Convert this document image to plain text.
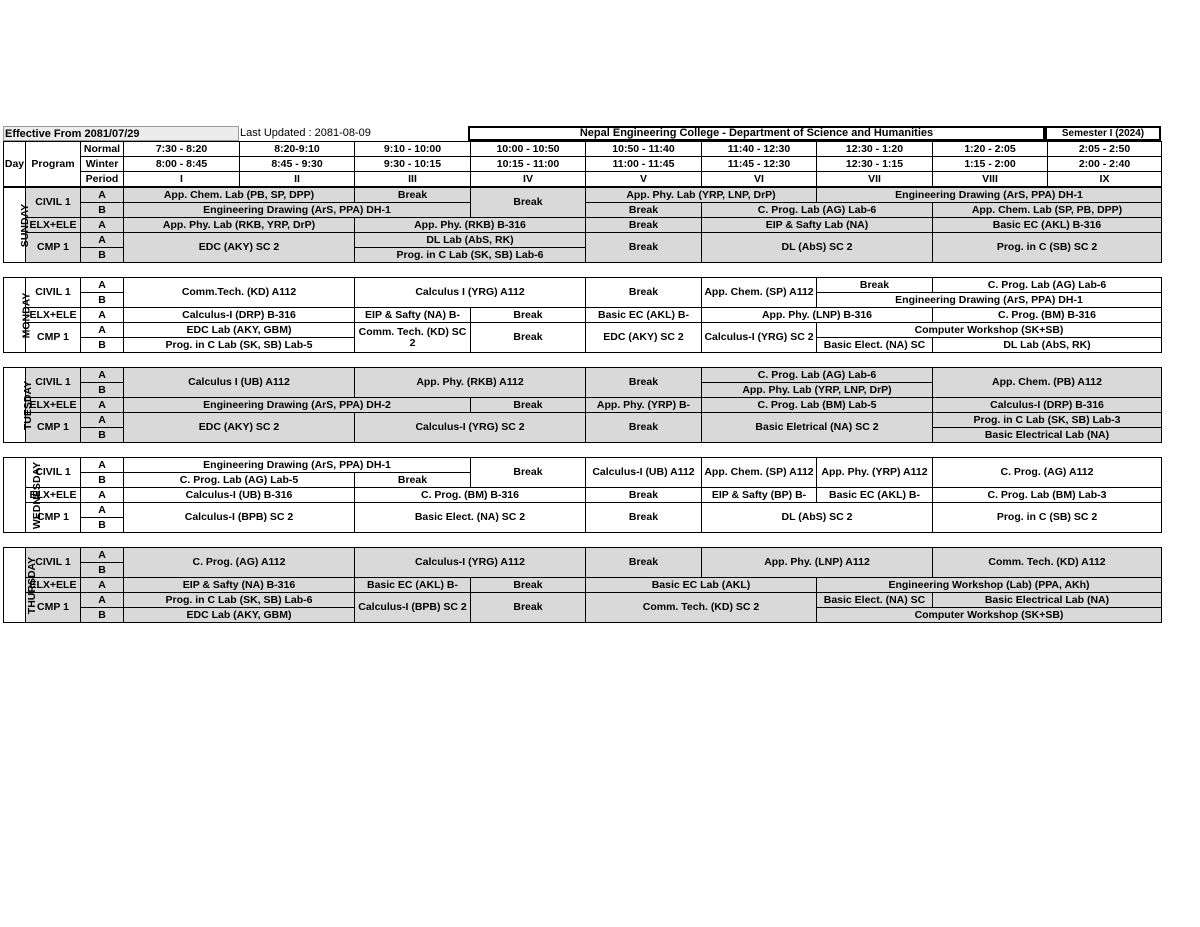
Effective From 2081/07/29	Last Updated : 2081-08-09	Nepal Engineering College - Department of Science and Humanities	Semester I (2024)
Day	Program	Normal	7:30 - 8:20	8:20-9:10	9:10 - 10:00	10:00 - 10:50	10:50 - 11:40	11:40 - 12:30	12:30 - 1:20	1:20 - 2:05	2:05 - 2:50
		Winter	8:00 - 8:45	8:45 - 9:30	9:30 - 10:15	10:15 - 11:00	11:00 - 11:45	11:45 - 12:30	12:30 - 1:15	1:15 - 2:00	2:00 - 2:40
		Period	I	II	III	IV	V	VI	VII	VIII	IX
SUNDAY	CIVIL 1	A	App. Chem. Lab (PB, SP, DPP)		Break	Break	App. Phy. Lab (YRP, LNP, DrP)		Engineering Drawing (ArS, PPA) DH-1		
		B	Engineering Drawing (ArS, PPA) DH-1				Break	C. Prog. Lab (AG) Lab-6		App. Chem. Lab (SP, PB, DPP)	
	ELX+ELE	A	App. Phy. Lab (RKB, YRP, DrP)		App. Phy. (RKB) B-316		Break	EIP & Safty Lab (NA)		Basic EC (AKL) B-316	
	CMP 1	A	EDC (AKY) SC 2		DL Lab (AbS, RK)		Break	DL (AbS) SC 2		Prog. in C (SB) SC 2	
		B			Prog. in C Lab (SK, SB) Lab-6						

MONDAY	CIVIL 1	A	Comm.Tech. (KD) A112		Calculus I (YRG) A112		Break	App. Chem. (SP) A112	Break	C. Prog. Lab (AG) Lab-6	
		B							Engineering Drawing (ArS, PPA) DH-1		
	ELX+ELE	A	Calculus-I (DRP) B-316		EIP & Safty (NA) B-	Break	Basic EC (AKL) B-	App. Phy. (LNP) B-316		C. Prog. (BM) B-316	
	CMP 1	A	EDC Lab (AKY, GBM)		Comm. Tech. (KD) SC 2	Break	EDC (AKY) SC 2	Calculus-I (YRG) SC 2	Computer Workshop (SK+SB)		
		B	Prog. in C Lab (SK, SB) Lab-5						Basic Elect. (NA) SC	DL Lab (AbS, RK)	

TUESDAY	CIVIL 1	A	Calculus I (UB) A112		App. Phy. (RKB) A112		Break	C. Prog. Lab (AG) Lab-6		App. Chem. (PB) A112	
		B						App. Phy. Lab (YRP, LNP, DrP)			
	ELX+ELE	A	Engineering Drawing (ArS, PPA) DH-2			Break	App. Phy. (YRP) B-	C. Prog. Lab (BM) Lab-5		Calculus-I (DRP) B-316	
	CMP 1	A	EDC (AKY) SC 2		Calculus-I (YRG) SC 2		Break	Basic Eletrical (NA) SC 2		Prog. in C Lab (SK, SB) Lab-3	
		B								Basic Electrical Lab (NA)	

WEDNESDAY	CIVIL 1	A	Engineering Drawing (ArS, PPA) DH-1			Break	Calculus-I (UB) A112	App. Chem. (SP) A112	App. Phy. (YRP) A112	C. Prog. (AG) A112	
		B	C. Prog. Lab (AG) Lab-5		Break						
	ELX+ELE	A	Calculus-I (UB) B-316		C. Prog. (BM) B-316		Break	EIP & Safty (BP) B-	Basic EC (AKL) B-	C. Prog. Lab (BM) Lab-3	
	CMP 1	A	Calculus-I (BPB) SC 2		Basic Elect. (NA) SC 2		Break	DL (AbS) SC 2		Prog. in C (SB) SC 2	
		B									

THURSDAY	CIVIL 1	A	C. Prog. (AG) A112		Calculus-I (YRG) A112		Break	App. Phy. (LNP) A112		Comm. Tech. (KD) A112	
		B									
	ELX+ELE	A	EIP & Safty (NA) B-316		Basic EC (AKL) B-	Break	Basic EC Lab (AKL)		Engineering Workshop (Lab) (PPA, AKh)		
	CMP 1	A	Prog. in C Lab (SK, SB) Lab-6		Calculus-I (BPB) SC 2	Break	Comm. Tech. (KD) SC 2		Basic Elect. (NA) SC	Basic Electrical Lab (NA)	
		B	EDC Lab (AKY, GBM)						Computer Workshop (SK+SB)		
